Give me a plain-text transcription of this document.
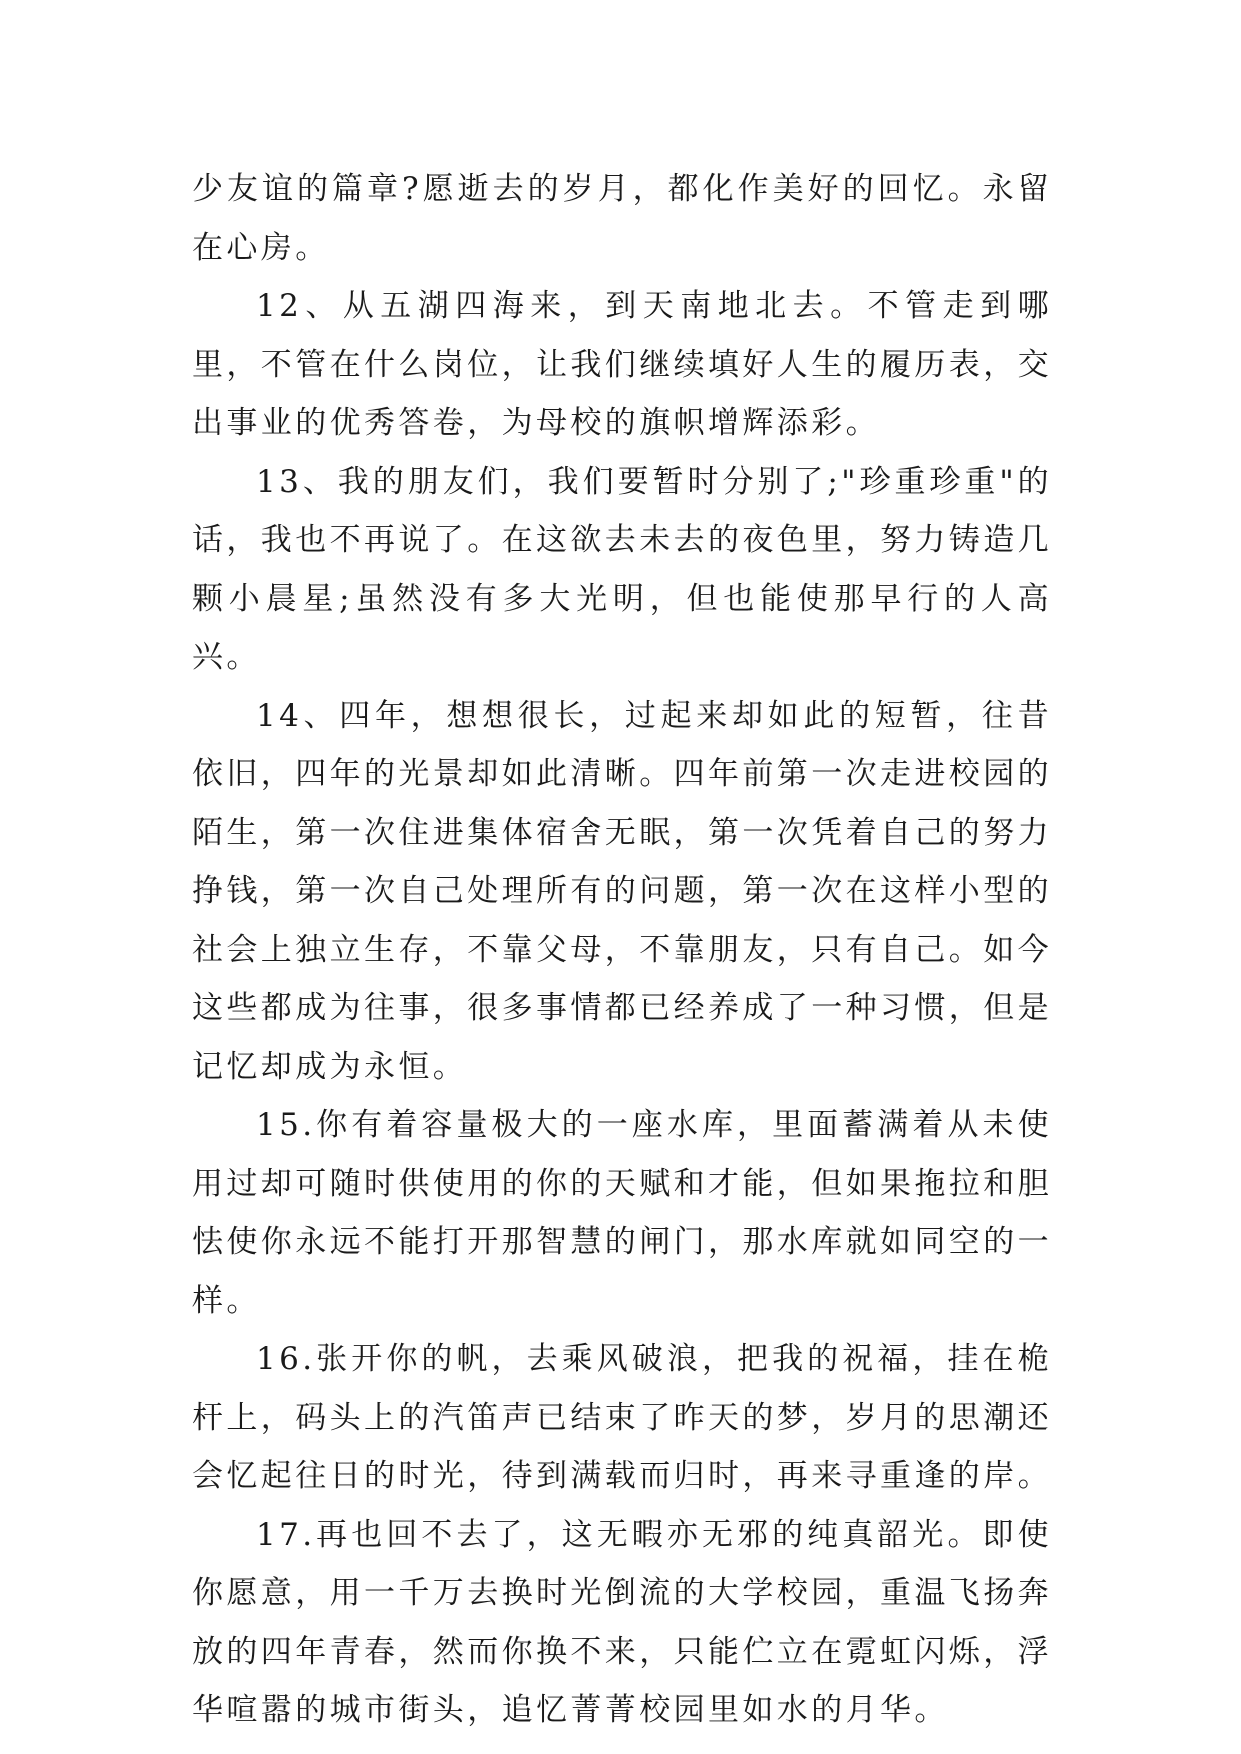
少友谊的篇章?愿逝去的岁月，都化作美好的回忆。永留在心房。

12、从五湖四海来，到天南地北去。不管走到哪里，不管在什么岗位，让我们继续填好人生的履历表，交出事业的优秀答卷，为母校的旗帜增辉添彩。

13、我的朋友们，我们要暂时分别了;"珍重珍重"的话，我也不再说了。在这欲去未去的夜色里，努力铸造几颗小晨星;虽然没有多大光明，但也能使那早行的人高兴。

14、四年，想想很长，过起来却如此的短暂，往昔依旧，四年的光景却如此清晰。四年前第一次走进校园的陌生，第一次住进集体宿舍无眠，第一次凭着自己的努力挣钱，第一次自己处理所有的问题，第一次在这样小型的社会上独立生存，不靠父母，不靠朋友，只有自己。如今这些都成为往事，很多事情都已经养成了一种习惯，但是记忆却成为永恒。

15.你有着容量极大的一座水库，里面蓄满着从未使用过却可随时供使用的你的天赋和才能，但如果拖拉和胆怯使你永远不能打开那智慧的闸门，那水库就如同空的一样。

16.张开你的帆，去乘风破浪，把我的祝福，挂在桅杆上，码头上的汽笛声已结束了昨天的梦，岁月的思潮还会忆起往日的时光，待到满载而归时，再来寻重逢的岸。

17.再也回不去了，这无暇亦无邪的纯真韶光。即使你愿意，用一千万去换时光倒流的大学校园，重温飞扬奔放的四年青春，然而你换不来，只能伫立在霓虹闪烁，浮华喧嚣的城市街头，追忆菁菁校园里如水的月华。
